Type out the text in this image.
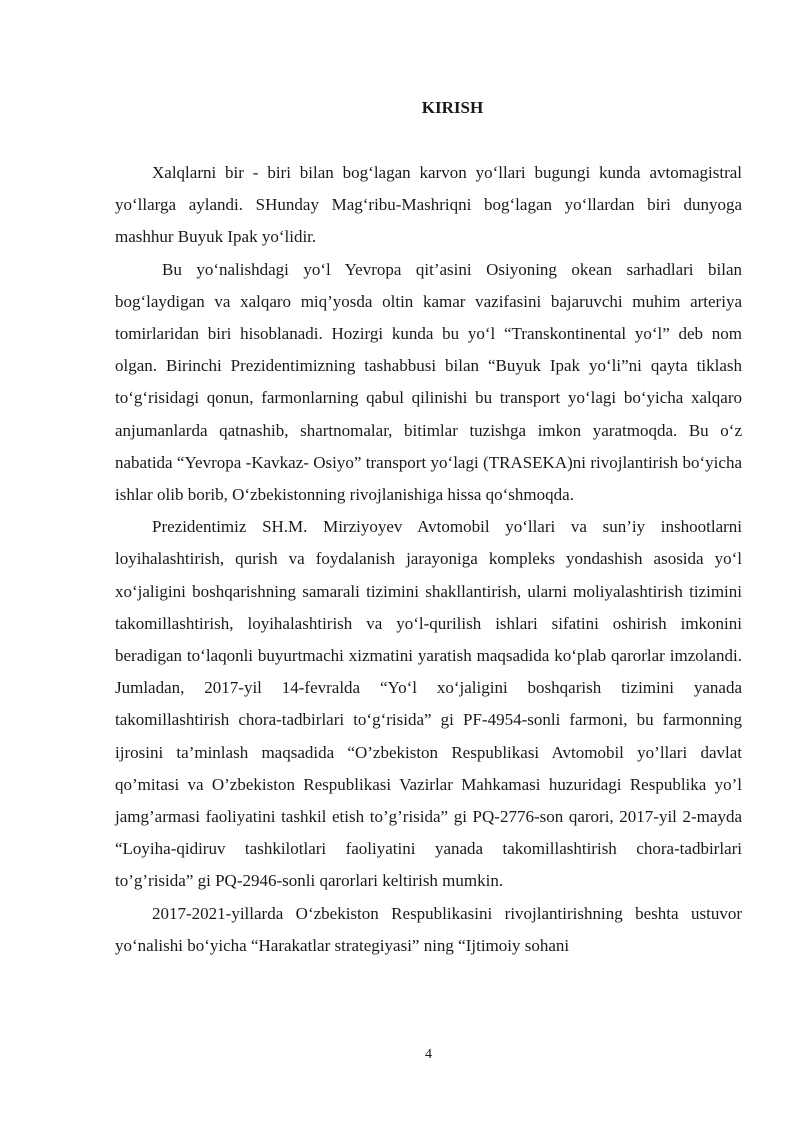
KIRISH

Xalqlarni bir - biri bilan bog‘lagan karvon yo‘llari bugungi kunda avtomagistral yo‘llarga aylandi. SHunday Mag‘ribu-Mashriqni bog‘lagan yo‘llardan biri dunyoga mashhur Buyuk Ipak yo‘lidir.

Bu yo‘nalishdagi yo‘l Yevropa qit’asini Osiyoning okean sarhadlari bilan bog‘laydigan va xalqaro miq’yosda oltin kamar vazifasini bajaruvchi muhim arteriya tomirlaridan biri hisoblanadi. Hozirgi kunda bu yo‘l “Transkontinental yo‘l” deb nom olgan. Birinchi Prezidentimizning tashabbusi bilan “Buyuk Ipak yo‘li”ni qayta tiklash to‘g‘risidagi qonun, farmonlarning qabul qilinishi bu transport yo‘lagi bo‘yicha xalqaro anjumanlarda qatnashib, shartnomalar, bitimlar tuzishga imkon yaratmoqda. Bu o‘z nabatida “Yevropa -Kavkaz- Osiyo” transport yo‘lagi (TRASEKA)ni rivojlantirish bo‘yicha ishlar olib borib, O‘zbekistonning rivojlanishiga hissa qo‘shmoqda.

Prezidentimiz SH.M. Mirziyoyev Avtomobil yo‘llari va sun’iy inshootlarni loyihalashtirish, qurish va foydalanish jarayoniga kompleks yondashish asosida yo‘l xo‘jaligini boshqarishning samarali tizimini shakllantirish, ularni moliyalashtirish tizimini takomillashtirish, loyihalashtirish va yo‘l-qurilish ishlari sifatini oshirish imkonini beradigan to‘laqonli buyurtmachi xizmatini yaratish maqsadida ko‘plab qarorlar imzolandi. Jumladan, 2017-yil 14-fevralda “Yo‘l xo‘jaligini boshqarish tizimini yanada takomillashtirish chora-tadbirlari to‘g‘risida” gi PF-4954-sonli farmoni, bu farmonning ijrosini ta’minlash maqsadida “O’zbekiston Respublikasi Avtomobil yo’llari davlat qo’mitasi va O’zbekiston Respublikasi Vazirlar Mahkamasi huzuridagi Respublika yo’l jamg’armasi faoliyatini tashkil etish to’g’risida” gi PQ-2776-son qarori, 2017-yil 2-mayda “Loyiha-qidiruv tashkilotlari faoliyatini yanada takomillashtirish chora-tadbirlari to’g’risida” gi PQ-2946-sonli qarorlari keltirish mumkin.

2017-2021-yillarda O‘zbekiston Respublikasini rivojlantirishning beshta ustuvor yo‘nalishi bo‘yicha “Harakatlar strategiyasi” ning “Ijtimoiy sohani

4
